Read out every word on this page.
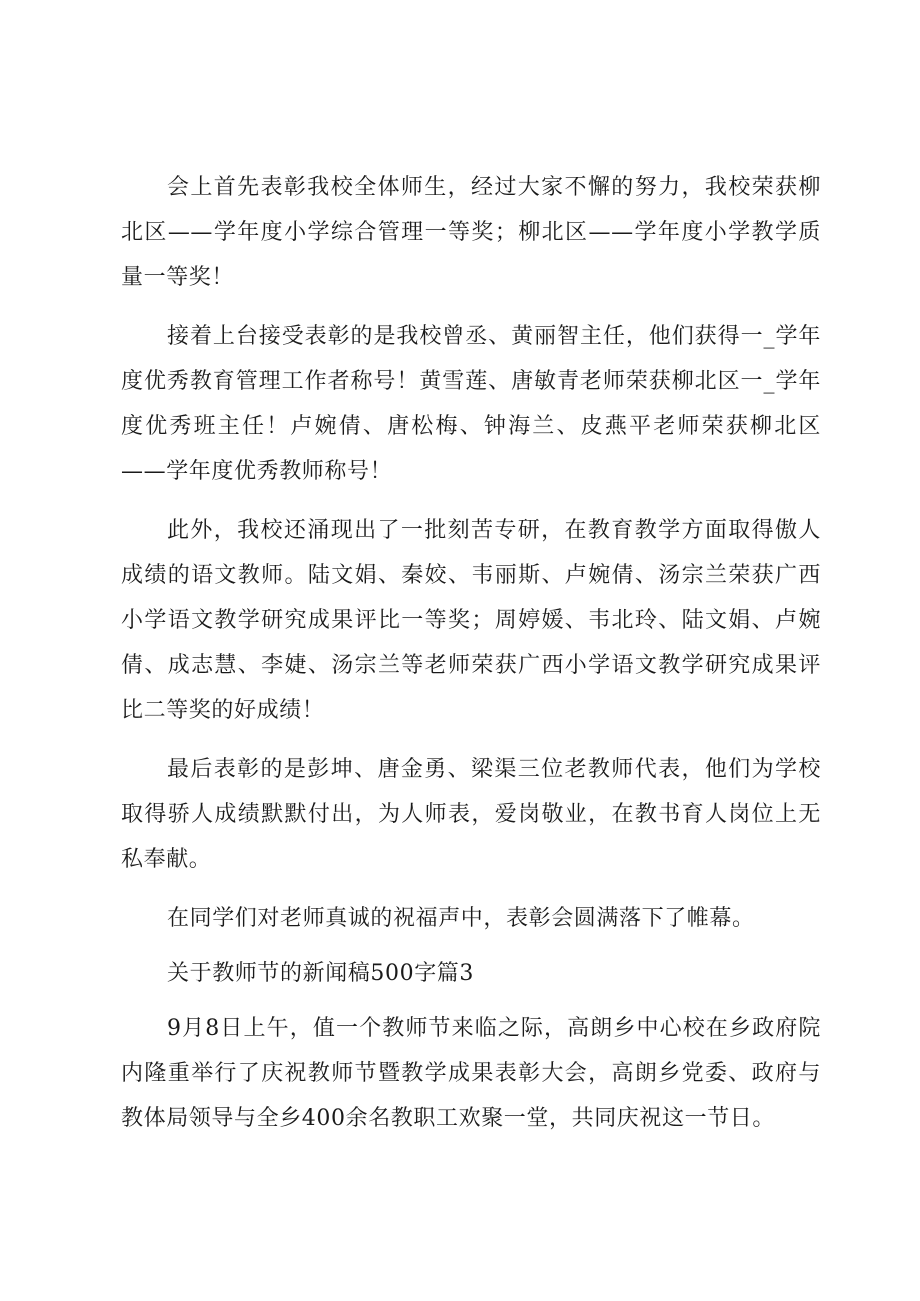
会上首先表彰我校全体师生，经过大家不懈的努力，我校荣获柳北区——学年度小学综合管理一等奖；柳北区——学年度小学教学质量一等奖！

接着上台接受表彰的是我校曾丞、黄丽智主任，他们获得一_学年度优秀教育管理工作者称号！黄雪莲、唐敏青老师荣获柳北区一_学年度优秀班主任！卢婉倩、唐松梅、钟海兰、皮燕平老师荣获柳北区——学年度优秀教师称号！

此外，我校还涌现出了一批刻苦专研，在教育教学方面取得傲人成绩的语文教师。陆文娟、秦姣、韦丽斯、卢婉倩、汤宗兰荣获广西小学语文教学研究成果评比一等奖；周婷媛、韦北玲、陆文娟、卢婉倩、成志慧、李婕、汤宗兰等老师荣获广西小学语文教学研究成果评比二等奖的好成绩！

最后表彰的是彭坤、唐金勇、梁渠三位老教师代表，他们为学校取得骄人成绩默默付出，为人师表，爱岗敬业，在教书育人岗位上无私奉献。

在同学们对老师真诚的祝福声中，表彰会圆满落下了帷幕。

关于教师节的新闻稿500字篇3

9月8日上午，值一个教师节来临之际，高朗乡中心校在乡政府院内隆重举行了庆祝教师节暨教学成果表彰大会，高朗乡党委、政府与教体局领导与全乡400余名教职工欢聚一堂，共同庆祝这一节日。
